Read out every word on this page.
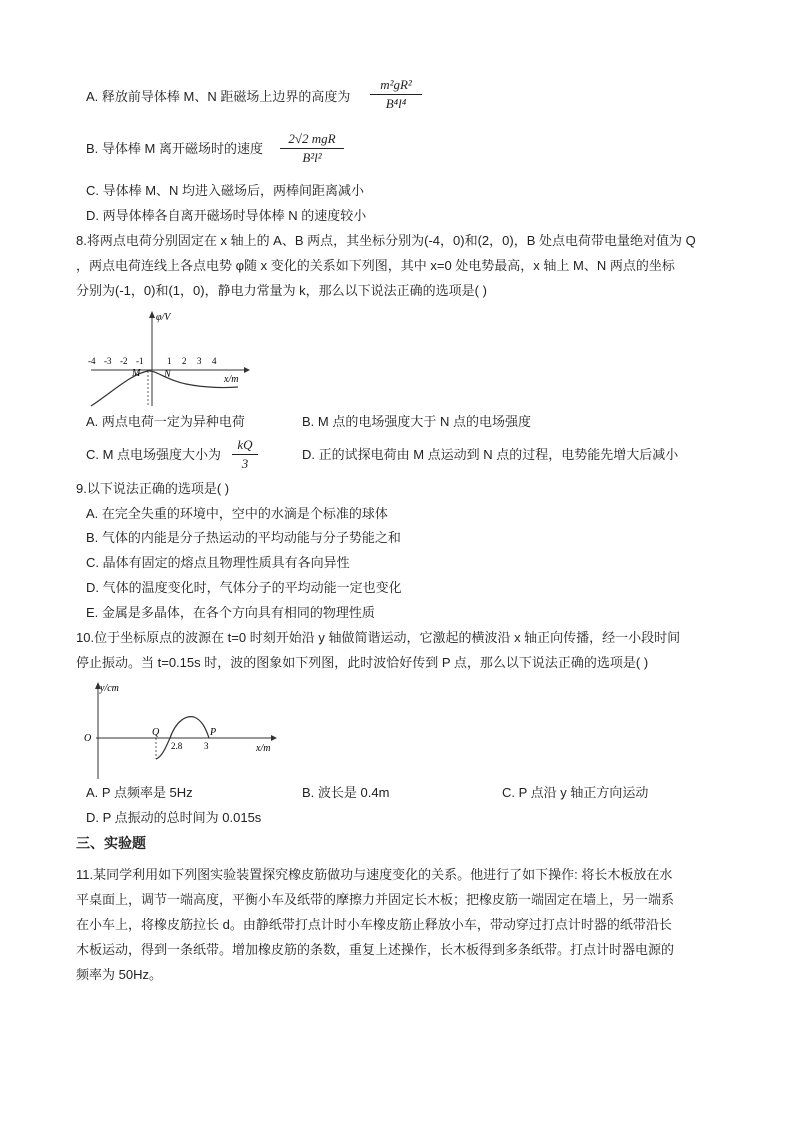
A. 释放前导体棒 M、N 距磁场上边界的高度为 $\frac{\text{m²gR²}}{\text{B⁴l⁴}}$
B. 导体棒 M 离开磁场时的速度
2√2 mgR
B²l²
C. 导体棒 M、N 均进入磁场后，两棒间距离减小
D. 两导体棒各自离开磁场时导体棒 N 的速度较小
8.将两点电荷分别固定在 x 轴上的 A、B 两点，其坐标分别为(-4，0)和(2，0)，B 处点电荷带电量绝对值为 Q
，两点电荷连线上各点电势 φ随 x 变化的关系如下列图，其中 x=0 处电势最高，x 轴上 M、N 两点的坐标
分别为(-1，0)和(1，0)，静电力常量为 k，那么以下说法正确的选项是( )
φ/V
x/m
-4 -3 -2 -1	1 2 3 4
M N
A. 两点电荷一定为异种电荷	B. M 点的电场强度大于 N 点的电场强度
C. M 点电场强度大小为 $\frac{kQ}{3}$	D. 正的试探电荷由 M 点运动到 N 点的过程，电势能先增大后减小
9.以下说法正确的选项是( )
A. 在完全失重的环境中，空中的水滴是个标准的球体
B. 气体的内能是分子热运动的平均动能与分子势能之和
C. 晶体有固定的熔点且物理性质具有各向异性
D. 气体的温度变化时，气体分子的平均动能一定也变化
E. 金属是多晶体，在各个方向具有相同的物理性质
10.位于坐标原点的波源在 t=0 时刻开始沿 y 轴做简谐运动，它激起的横波沿 x 轴正向传播，经一小段时间
停止振动。当 t=0.15s 时，波的图象如下列图，此时波恰好传到 P 点，那么以下说法正确的选项是( )
y/cm
x/m
O
Q	P
2.8 3
A. P 点频率是 5Hz	B. 波长是 0.4m	C. P 点沿 y 轴正方向运动
D. P 点振动的总时间为 0.015s
三、实验题
11.某同学利用如下列图实验装置探究橡皮筋做功与速度变化的关系。他进行了如下操作: 将长木板放在水
平桌面上，调节一端高度，平衡小车及纸带的摩擦力并固定长木板；把橡皮筋一端固定在墙上，另一端系
在小车上，将橡皮筋拉长 d。由静纸带打点计时小车橡皮筋止释放小车，带动穿过打点计时器的纸带沿长
木板运动，得到一条纸带。增加橡皮筋的条数，重复上述操作，长木板得到多条纸带。打点计时器电源的
频率为 50Hz。
